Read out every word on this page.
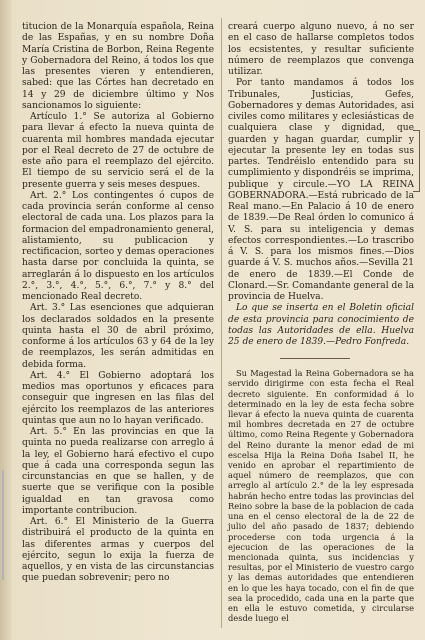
titucion de la Monarquía española, Reina de las Españas, y en su nombre Doña María Cristina de Borbon, Reina Regente y Gobernadora del Reino, á todos los que las presentes vieren y entendieren, sabed: que las Córtes han decretado en 14 y 29 de diciembre último y Nos sancionamos lo siguiente:

Artículo 1.° Se autoriza al Gobierno para llevar á efecto la nueva quinta de cuarenta mil hombres mandada ejecutar por el Real decreto de 27 de octubre de este año para el reemplazo del ejército. El tiempo de su servicio será el de la presente guerra y seis meses despues.

Art. 2.° Los contingentes ó cupos de cada provincia serán conforme al censo electoral de cada una. Los plazos para la formacion del empadronamiento general, alistamiento, su publicacion y rectificacion, sorteo y demas operaciones hasta darse por concluida la quinta, se arreglarán á lo dispuesto en los artículos 2.°, 3.°, 4.°, 5.°, 6.°, 7.° y 8.° del mencionado Real decreto.

Art. 3.° Las esenciones que adquieran los declarados soldados en la presente quinta hasta el 30 de abril próximo, conforme á los artículos 63 y 64 de la ley de reemplazos, les serán admitidas en debida forma.

Art. 4.° El Gobierno adoptará los medios mas oportunos y eficaces para conseguir que ingresen en las filas del ejército los reemplazos de las anteriores quintas que aun no lo hayan verificado.

Art. 5.° En las provincias en que la quinta no pueda realizarse con arreglo á la ley, el Gobierno hará efectivo el cupo que á cada una corresponda segun las circunstancias en que se hallen, y de suerte que se verifique con la posible igualdad en tan gravosa como importante contribucion.

Art. 6.° El Ministerio de la Guerra distribuirá el producto de la quinta en las diferentes armas y cuerpos del ejército, segun lo exija la fuerza de aquellos, y en vista de las circunstancias que puedan sobrevenir; pero no

creará cuerpo alguno nuevo, á no ser en el caso de hallarse completos todos los ecsistentes, y resultar suficiente número de reemplazos que convenga utilizar.

Por tanto mandamos á todos los Tribunales, Justicias, Gefes, Gobernadores y demas Autoridades, asi civiles como militares y eclesiásticas de cualquiera clase y dignidad, que guarden y hagan guardar, cumplir y ejecutar la presente ley en todas sus partes. Tendréislo entendido para su cumplimiento y dispondréis se imprima, publique y circule.—YO LA REINA GOBERNADORA.—Está rubricado de la Real mano.—En Palacio á 10 de enero de 1839.—De Real órden lo comunico á V. S. para su inteligencia y demas efectos correspondientes.—Lo trascribo á V. S. para los mismos fines.—Dios guarde á V. S. muchos años.—Sevilla 21 de enero de 1839.—El Conde de Clonard.—Sr. Comandante general de la provincia de Huelva.

Lo que se inserta en el Boletin oficial de esta provincia para conocimiento de todas las Autoridades de ella. Huelva 25 de enero de 1839.—Pedro Fonfreda.

Su Magestad la Reina Gobernadora se ha servido dirigirme con esta fecha el Real decreto siguiente. En conformidad á lo determinado en la ley de esta fecha sobre llevar á efecto la nueva quinta de cuarenta mil hombres decretada en 27 de octubre último, como Reina Regente y Gobernadora del Reino durante la menor edad de mi escelsa Hija la Reina Doña Isabel II, he venido en aprobar el repartimiento de aquel número de reemplazos, que con arreglo al artículo 2.° de la ley espresada habrán hecho entre todas las provincias del Reino sobre la base de la poblacion de cada una en el censo electoral de la de 22 de julio del año pasado de 1837; debiendo procederse con toda urgencia á la ejecucion de las operaciones de la mencionada quinta, sus incidencias y resultas, por el Ministerio de vuestro cargo y las demas autoridades que entendieren en lo que les haya tocado, con el fin de que sea la procedido, cada una en la parte que en ella le estuvo cometida, y circularse desde luego el
